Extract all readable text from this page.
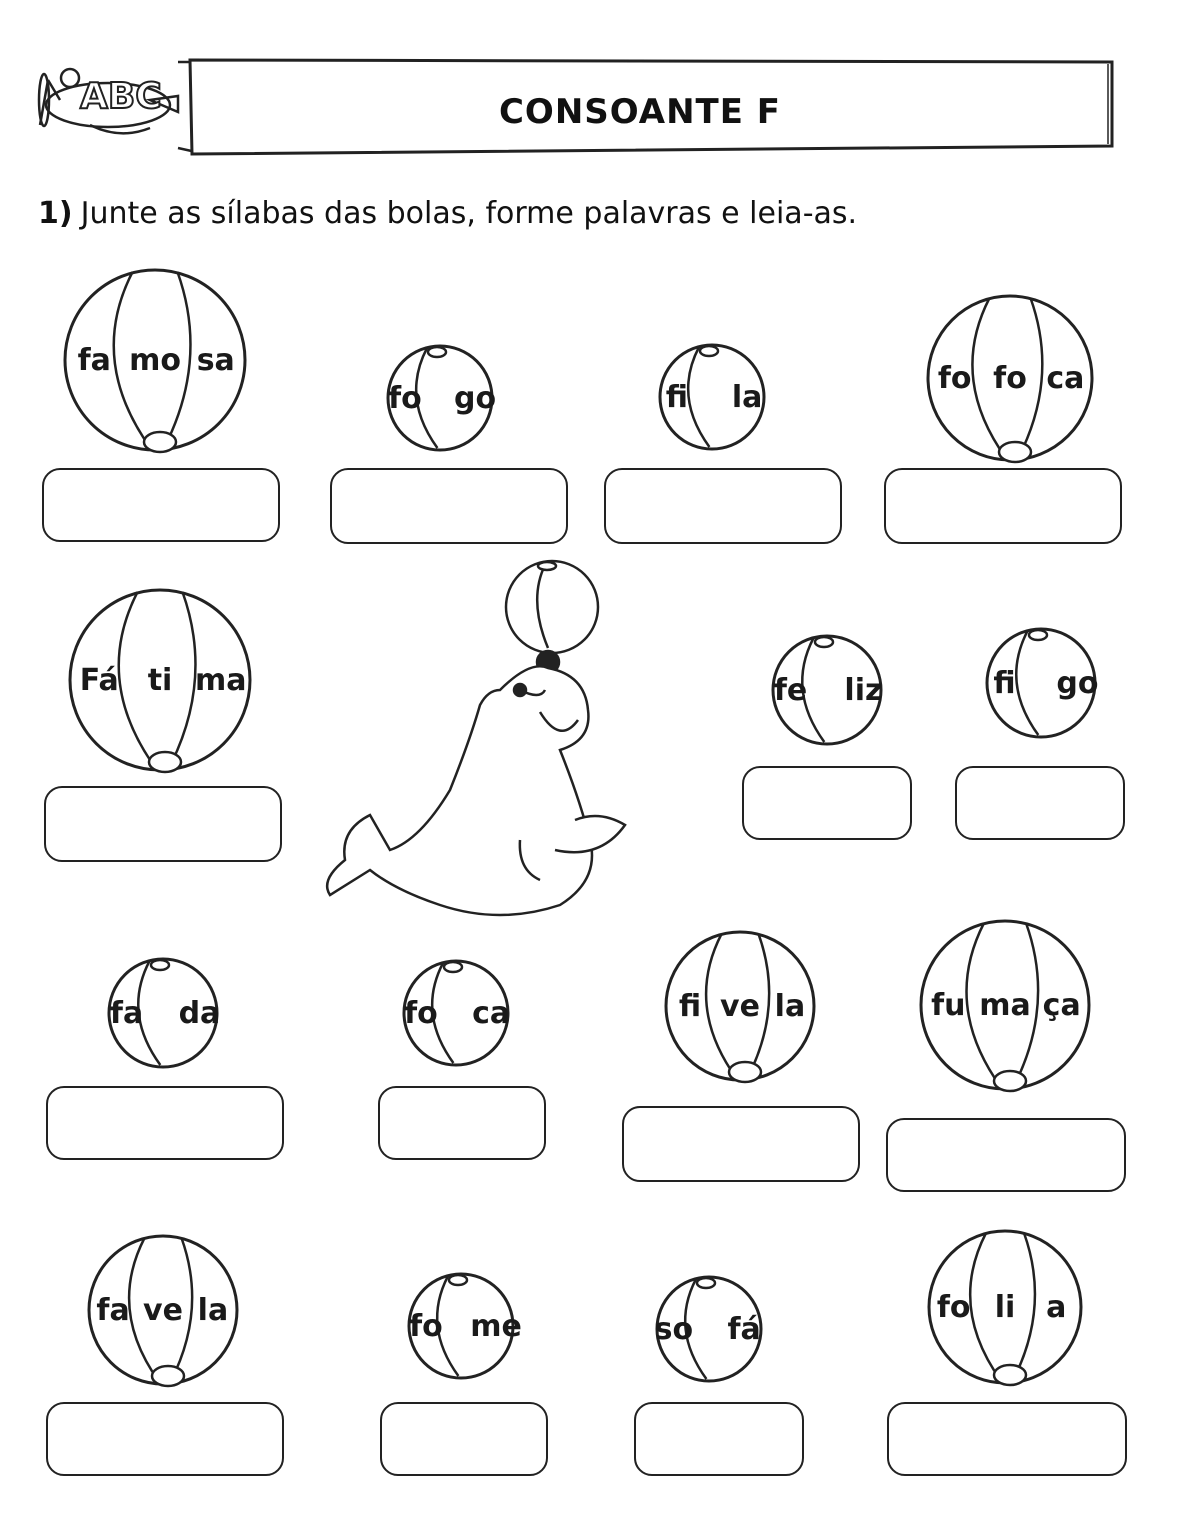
ABC
fa mo sa
fo go	fi la
fo fo ca
Fá ti ma	fe liz	fi go
fa da	fo ca	fi ve la	fu ma ça
fa ve la	fo me	so fá
fo li a
CONSOANTE F
1) Junte as sílabas das bolas, forme palavras e leia-as.
